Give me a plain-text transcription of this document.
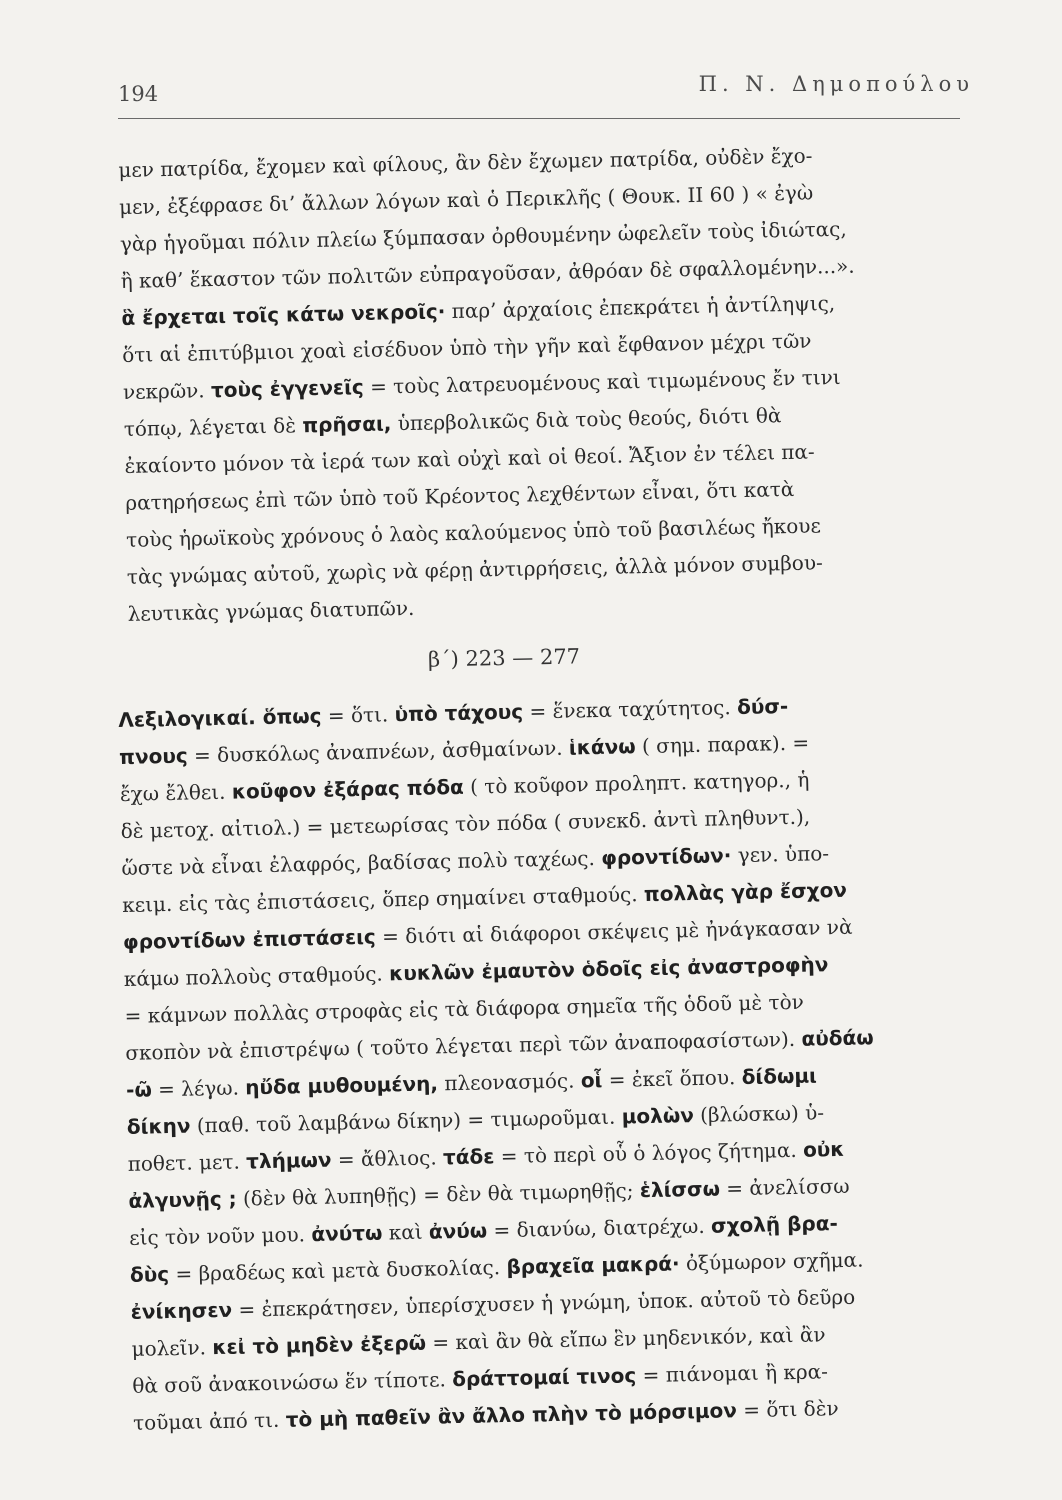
194	Π. Ν. Δημοπούλου
μεν πατρίδα, ἔχομεν καὶ φίλους, ἂν δὲν ἔχωμεν πατρίδα, οὐδὲν ἔχο-
μεν, ἐξέφρασε δι’ ἄλλων λόγων καὶ ὁ Περικλῆς ( Θουκ. ΙΙ 60 ) « ἐγὼ
γὰρ ἡγοῦμαι πόλιν πλείω ξύμπασαν ὀρθουμένην ὠφελεῖν τοὺς ἰδιώτας,
ἢ καθ’ ἕκαστον τῶν πολιτῶν εὐπραγοῦσαν, ἀθρόαν δὲ σφαλλομένην...».
ἃ ἔρχεται τοῖς κάτω νεκροῖς· παρ’ ἀρχαίοις ἐπεκράτει ἡ ἀντίληψις,
ὅτι αἱ ἐπιτύβμιοι χοαὶ εἰσέδυον ὑπὸ τὴν γῆν καὶ ἔφθανον μέχρι τῶν
νεκρῶν. τοὺς ἐγγενεῖς = τοὺς λατρευομένους καὶ τιμωμένους ἔν τινι
τόπῳ, λέγεται δὲ πρῆσαι, ὑπερβολικῶς διὰ τοὺς θεούς, διότι θὰ
ἐκαίοντο μόνον τὰ ἱερά των καὶ οὐχὶ καὶ οἱ θεοί. Ἄξιον ἐν τέλει πα-
ρατηρήσεως ἐπὶ τῶν ὑπὸ τοῦ Κρέοντος λεχθέντων εἶναι, ὅτι κατὰ
τοὺς ἡρωϊκοὺς χρόνους ὁ λαὸς καλούμενος ὑπὸ τοῦ βασιλέως ἤκουε
τὰς γνώμας αὐτοῦ, χωρὶς νὰ φέρῃ ἀντιρρήσεις, ἀλλὰ μόνον συμβου-
λευτικὰς γνώμας διατυπῶν.
β΄) 223 — 277
Λεξιλογικαί. ὅπως = ὅτι. ὑπὸ τάχους = ἕνεκα ταχύτητος. δύσ-
πνους = δυσκόλως ἀναπνέων, ἀσθμαίνων. ἱκάνω ( σημ. παρακ). =
ἔχω ἔλθει. κοῦφον ἐξάρας πόδα ( τὸ κοῦφον προληπτ. κατηγορ., ἡ
δὲ μετοχ. αἰτιολ.) = μετεωρίσας τὸν πόδα ( συνεκδ. ἀντὶ πληθυντ.),
ὥστε νὰ εἶναι ἐλαφρός, βαδίσας πολὺ ταχέως. φροντίδων· γεν. ὑπο-
κειμ. εἰς τὰς ἐπιστάσεις, ὅπερ σημαίνει σταθμούς. πολλὰς γὰρ ἔσχον
φροντίδων ἐπιστάσεις = διότι αἱ διάφοροι σκέψεις μὲ ἠνάγκασαν νὰ
κάμω πολλοὺς σταθμούς. κυκλῶν ἐμαυτὸν ὁδοῖς εἰς ἀναστροφὴν
= κάμνων πολλὰς στροφὰς εἰς τὰ διάφορα σημεῖα τῆς ὁδοῦ μὲ τὸν
σκοπὸν νὰ ἐπιστρέψω ( τοῦτο λέγεται περὶ τῶν ἀναποφασίστων). αὐδάω
-ῶ = λέγω. ηὔδα μυθουμένη, πλεονασμός. οἷ = ἐκεῖ ὅπου. δίδωμι
δίκην (παθ. τοῦ λαμβάνω δίκην) = τιμωροῦμαι. μολὼν (βλώσκω) ὑ-
ποθετ. μετ. τλήμων = ἄθλιος. τάδε = τὸ περὶ οὗ ὁ λόγος ζήτημα. οὐκ
ἀλγυνῇς ; (δὲν θὰ λυπηθῇς) = δὲν θὰ τιμωρηθῇς; ἑλίσσω = ἀνελίσσω
εἰς τὸν νοῦν μου. ἀνύτω καὶ ἀνύω = διανύω, διατρέχω. σχολῇ βρα-
δὺς = βραδέως καὶ μετὰ δυσκολίας. βραχεῖα μακρά· ὀξύμωρον σχῆμα.
ἐνίκησεν = ἐπεκράτησεν, ὑπερίσχυσεν ἡ γνώμη, ὑποκ. αὐτοῦ τὸ δεῦρο
μολεῖν. κεἰ τὸ μηδὲν ἐξερῶ = καὶ ἂν θὰ εἴπω ἓν μηδενικόν, καὶ ἂν
θὰ σοῦ ἀνακοινώσω ἕν τίποτε. δράττομαί τινος = πιάνομαι ἢ κρα-
τοῦμαι ἀπό τι. τὸ μὴ παθεῖν ἂν ἄλλο πλὴν τὸ μόρσιμον = ὅτι δὲν
